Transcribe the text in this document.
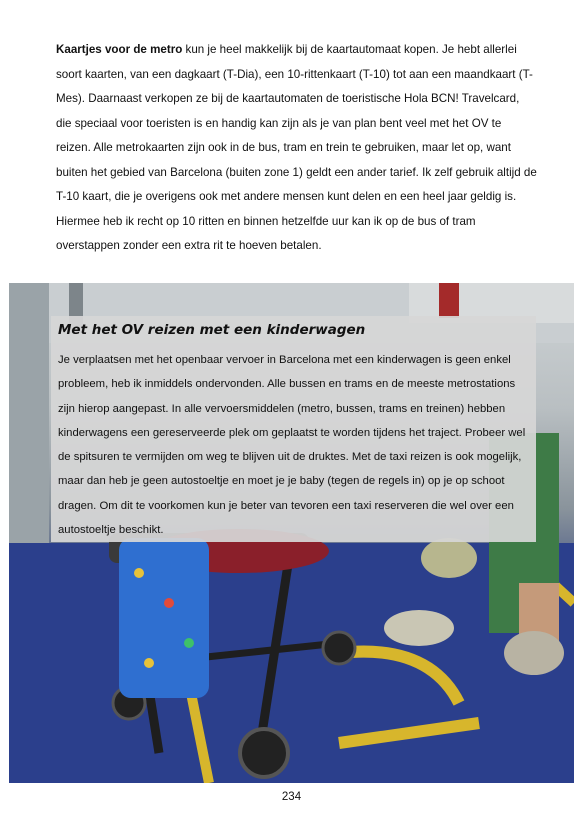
Kaartjes voor de metro kun je heel makkelijk bij de kaartautomaat kopen. Je hebt allerlei soort kaarten, van een dagkaart (T-Dia), een 10-rittenkaart (T-10) tot aan een maandkaart (T-Mes). Daarnaast verkopen ze bij de kaartautomaten de toeristische Hola BCN! Travelcard, die speciaal voor toeristen is en handig kan zijn als je van plan bent veel met het OV te reizen. Alle metrokaarten zijn ook in de bus, tram en trein te gebruiken, maar let op, want buiten het gebied van Barcelona (buiten zone 1) geldt een ander tarief. Ik zelf gebruik altijd de T-10 kaart, die je overigens ook met andere mensen kunt delen en een heel jaar geldig is. Hiermee heb ik recht op 10 ritten en binnen hetzelfde uur kan ik op de bus of tram overstappen zonder een extra rit te hoeven betalen.
Met het OV reizen met een kinderwagen

Je verplaatsen met het openbaar vervoer in Barcelona met een kinderwagen is geen enkel probleem, heb ik inmiddels ondervonden. Alle bussen en trams en de meeste metrostations zijn hierop aangepast. In alle vervoersmiddelen (metro, bussen, trams en treinen) hebben kinderwagens een gereserveerde plek om geplaatst te worden tijdens het traject. Probeer wel de spitsuren te vermijden om weg te blijven uit de druktes. Met de taxi reizen is ook mogelijk, maar dan heb je geen autostoeltje en moet je je baby (tegen de regels in) op je op schoot dragen. Om dit te voorkomen kun je beter van tevoren een taxi reserveren die wel over een autostoeltje beschikt.

234
